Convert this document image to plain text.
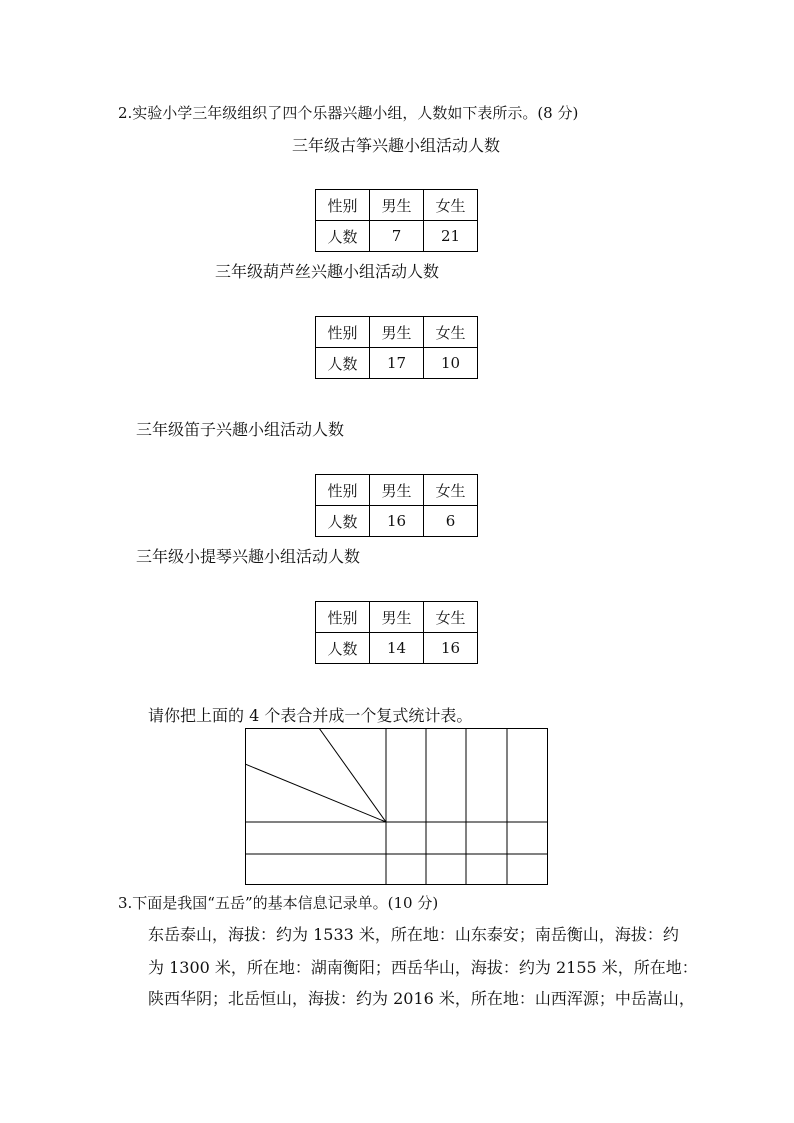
2.实验小学三年级组织了四个乐器兴趣小组，人数如下表所示。(8 分)
三年级古筝兴趣小组活动人数
性别	男生	女生
人数	7	21
三年级葫芦丝兴趣小组活动人数
性别	男生	女生
人数	17	10
三年级笛子兴趣小组活动人数
性别	男生	女生
人数	16	6
三年级小提琴兴趣小组活动人数
性别	男生	女生
人数	14	16
请你把上面的 4 个表合并成一个复式统计表。
3.下面是我国“五岳”的基本信息记录单。(10 分)
东岳泰山，海拔：约为 1533 米，所在地：山东泰安；南岳衡山，海拔：约
为 1300 米，所在地：湖南衡阳；西岳华山，海拔：约为 2155 米，所在地：
陕西华阴；北岳恒山，海拔：约为 2016 米，所在地：山西浑源；中岳嵩山，
